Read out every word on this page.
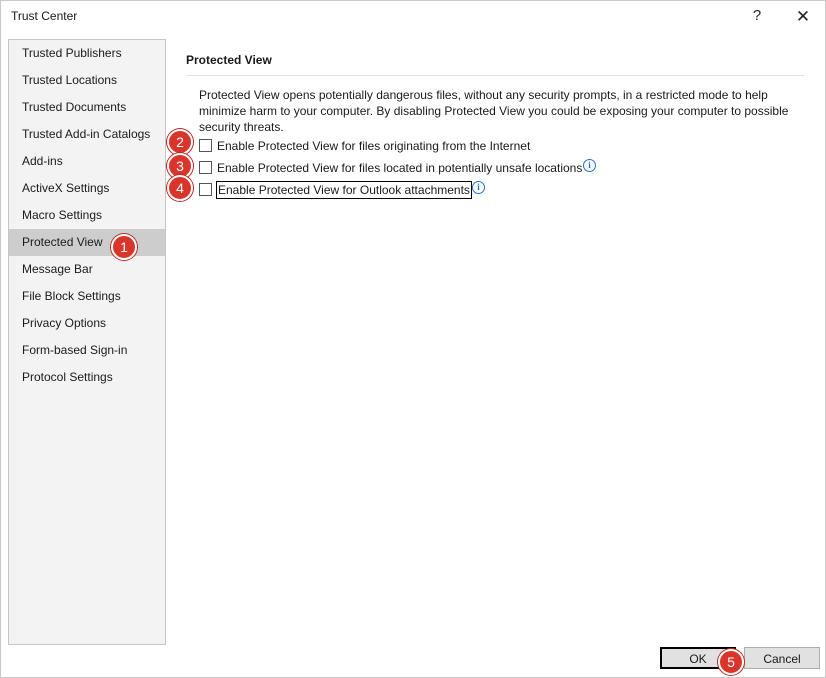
Trust Center	?	✕
Trusted Publishers
Trusted Locations
Trusted Documents
Trusted Add-in Catalogs
Add-ins
ActiveX Settings
Macro Settings
Protected View
Message Bar
File Block Settings
Privacy Options
Form-based Sign-in
Protocol Settings
Protected View
Protected View opens potentially dangerous files, without any security prompts, in a restricted mode to help minimize harm to your computer. By disabling Protected View you could be exposing your computer to possible security threats.
Enable Protected View for files originating from the Internet
Enable Protected View for files located in potentially unsafe locations i
Enable Protected View for Outlook attachments i
OK	Cancel
1
2
3
4
5
